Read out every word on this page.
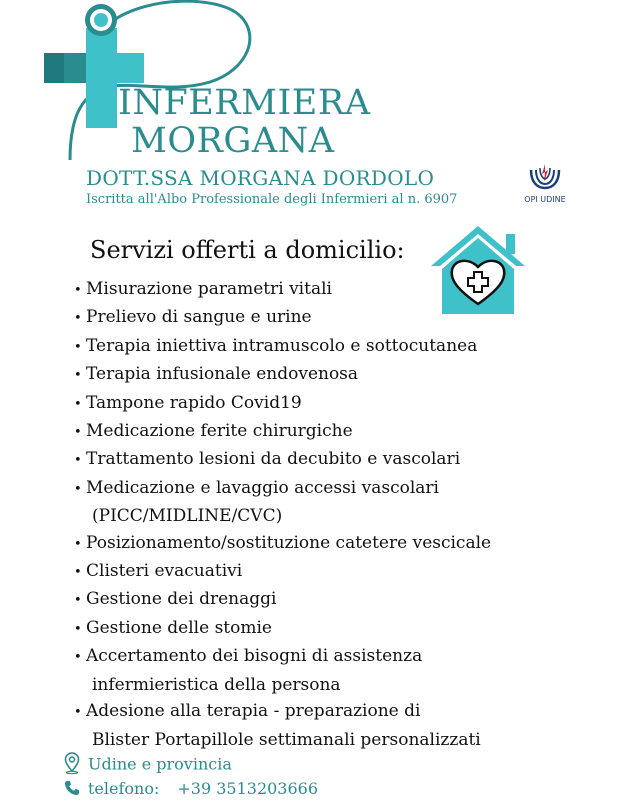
INFERMIERA
MORGANA
DOTT.SSA MORGANA DORDOLO
Iscritta all'Albo Professionale degli Infermieri al n. 6907	OPI UDINE
Servizi offerti a domicilio:
• Misurazione parametri vitali
• Prelievo di sangue e urine
• Terapia iniettiva intramuscolo e sottocutanea
• Terapia infusionale endovenosa
• Tampone rapido Covid19
• Medicazione ferite chirurgiche
• Trattamento lesioni da decubito e vascolari
• Medicazione e lavaggio accessi vascolari
(PICC/MIDLINE/CVC)
• Posizionamento/sostituzione catetere vescicale
• Clisteri evacuativi
• Gestione dei drenaggi
• Gestione delle stomie
• Accertamento dei bisogni di assistenza
infermieristica della persona
• Adesione alla terapia - preparazione di
Blister Portapillole settimanali personalizzati
Udine e provincia
telefono: +39 3513203666
